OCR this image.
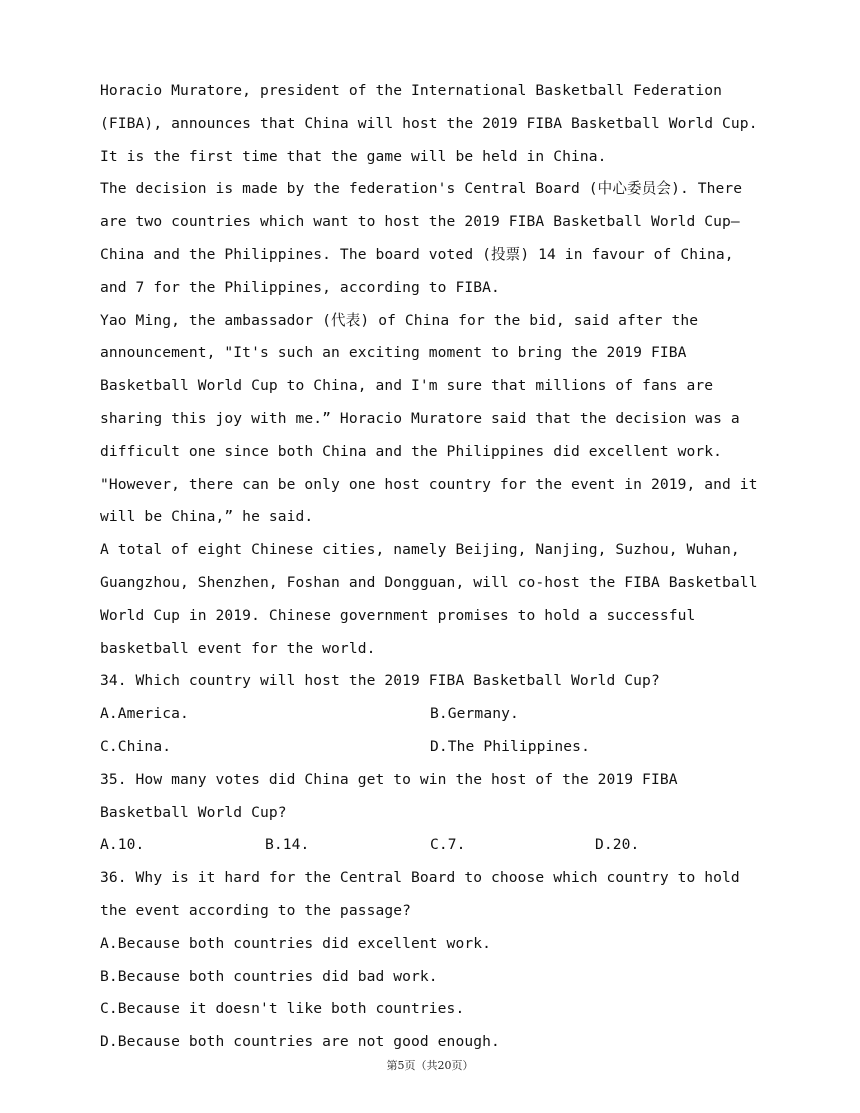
Horacio Muratore, president of the International Basketball Federation (FIBA), announces that China will host the 2019 FIBA Basketball World Cup. It is the first time that the game will be held in China.

The decision is made by the federation's Central Board (中心委员会). There are two countries which want to host the 2019 FIBA Basketball World Cup—China and the Philippines. The board voted (投票) 14 in favour of China, and 7 for the Philippines, according to FIBA.

Yao Ming, the ambassador (代表) of China for the bid, said after the announcement, "It's such an exciting moment to bring the 2019 FIBA Basketball World Cup to China, and I'm sure that millions of fans are sharing this joy with me.” Horacio Muratore said that the decision was a difficult one since both China and the Philippines did excellent work. "However, there can be only one host country for the event in 2019, and it will be China,” he said.

A total of eight Chinese cities, namely Beijing, Nanjing, Suzhou, Wuhan, Guangzhou, Shenzhen, Foshan and Dongguan, will co-host the FIBA Basketball World Cup in 2019. Chinese government promises to hold a successful basketball event for the world.

34. Which country will host the 2019 FIBA Basketball World Cup?

A.America.	B.Germany.
C.China.	D.The Philippines.

35. How many votes did China get to win the host of the 2019 FIBA Basketball World Cup?

A.10.	B.14.	C.7.	D.20.

36. Why is it hard for the Central Board to choose which country to hold the event according to the passage?

A.Because both countries did excellent work.

B.Because both countries did bad work.

C.Because it doesn't like both countries.

D.Because both countries are not good enough.

第5页（共20页）
